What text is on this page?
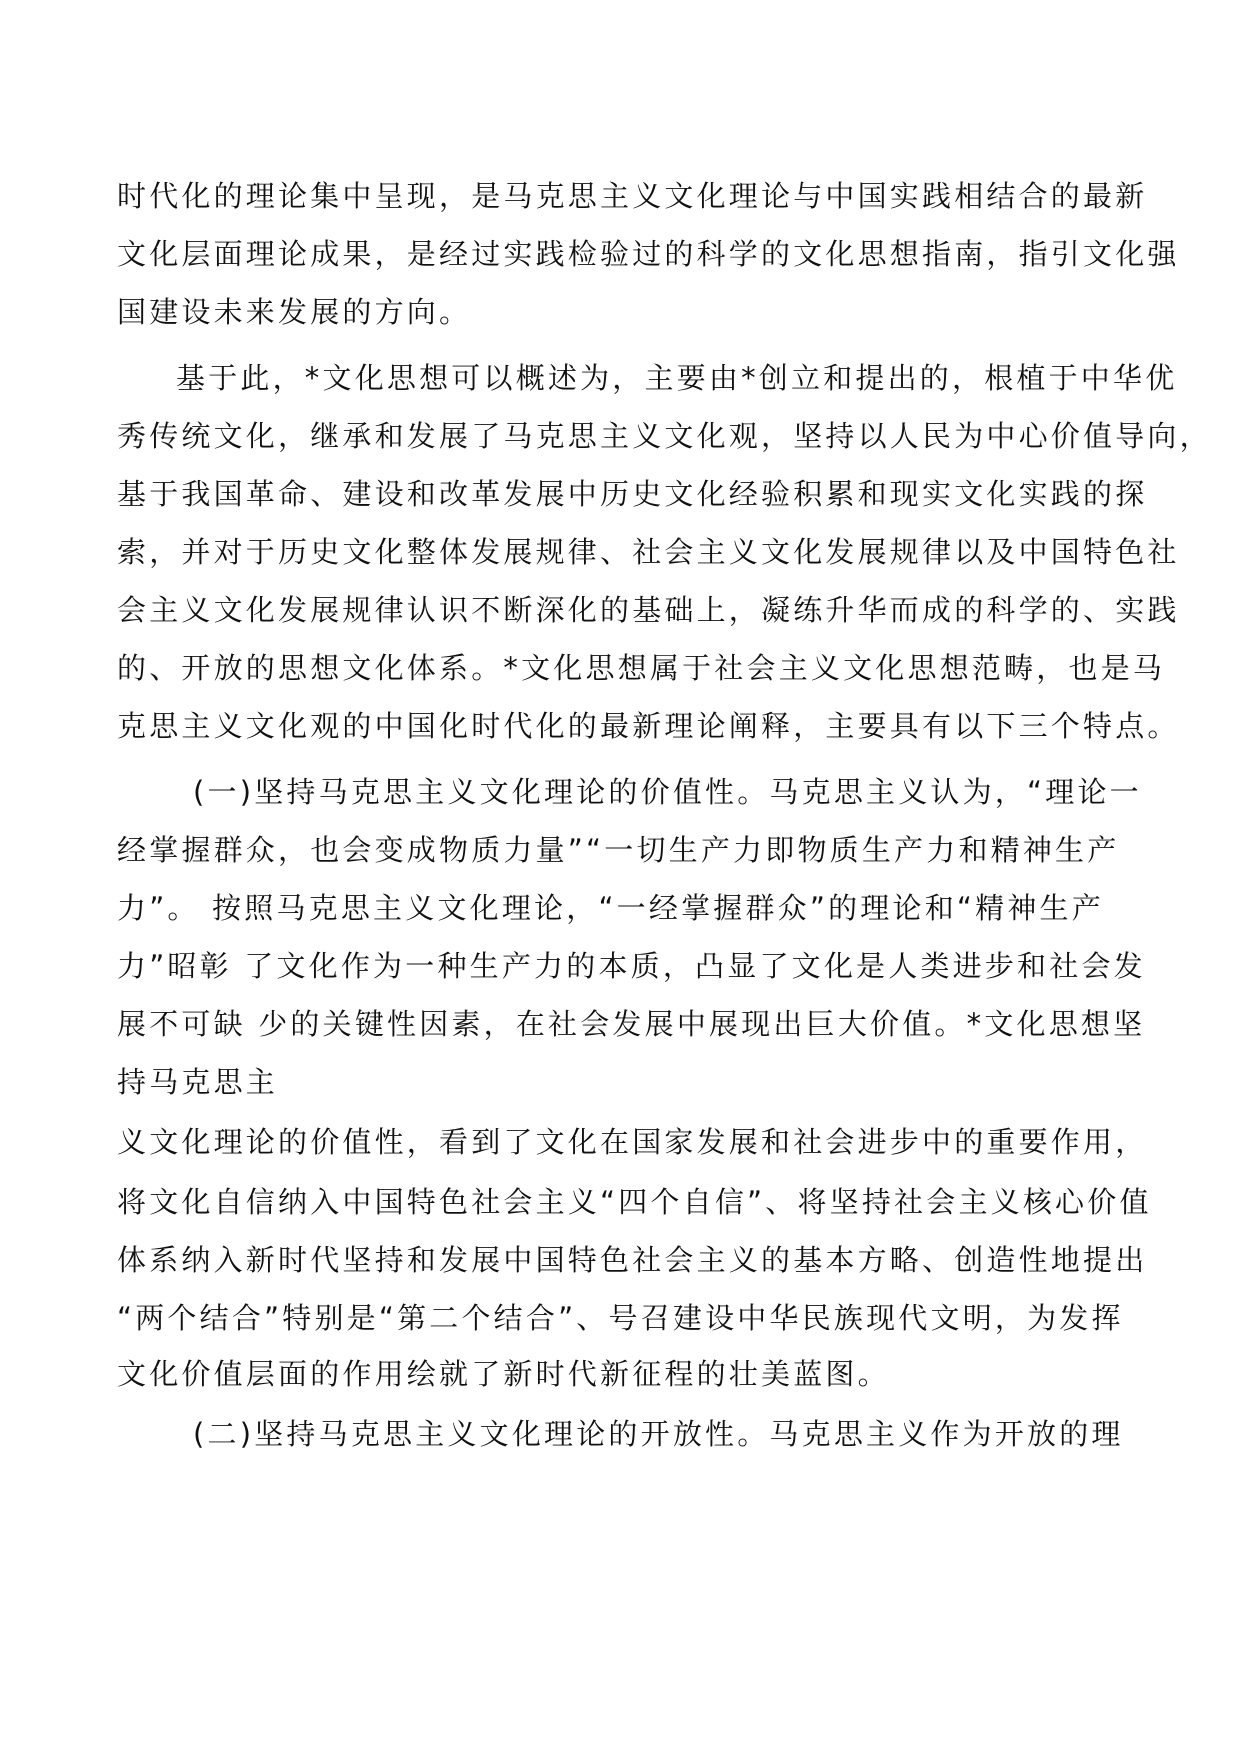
时代化的理论集中呈现，是马克思主义文化理论与中国实践相结合的最新
文化层面理论成果，是经过实践检验过的科学的文化思想指南，指引文化强
国建设未来发展的方向。
基于此，*文化思想可以概述为，主要由*创立和提出的，根植于中华优
秀传统文化，继承和发展了马克思主义文化观，坚持以人民为中心价值导向，
基于我国革命、建设和改革发展中历史文化经验积累和现实文化实践的探
索，并对于历史文化整体发展规律、社会主义文化发展规律以及中国特色社
会主义文化发展规律认识不断深化的基础上，凝练升华而成的科学的、实践
的、开放的思想文化体系。*文化思想属于社会主义文化思想范畴，也是马
克思主义文化观的中国化时代化的最新理论阐释，主要具有以下三个特点。
(一)坚持马克思主义文化理论的价值性。马克思主义认为，“理论一
经掌握群众，也会变成物质力量”“一切生产力即物质生产力和精神生产
力”。 按照马克思主义文化理论，“一经掌握群众”的理论和“精神生产
力”昭彰 了文化作为一种生产力的本质，凸显了文化是人类进步和社会发
展不可缺 少的关键性因素，在社会发展中展现出巨大价值。*文化思想坚
持马克思主
义文化理论的价值性，看到了文化在国家发展和社会进步中的重要作用，
将文化自信纳入中国特色社会主义“四个自信”、将坚持社会主义核心价值
体系纳入新时代坚持和发展中国特色社会主义的基本方略、创造性地提出
“两个结合”特别是“第二个结合”、号召建设中华民族现代文明，为发挥
文化价值层面的作用绘就了新时代新征程的壮美蓝图。
(二)坚持马克思主义文化理论的开放性。马克思主义作为开放的理
